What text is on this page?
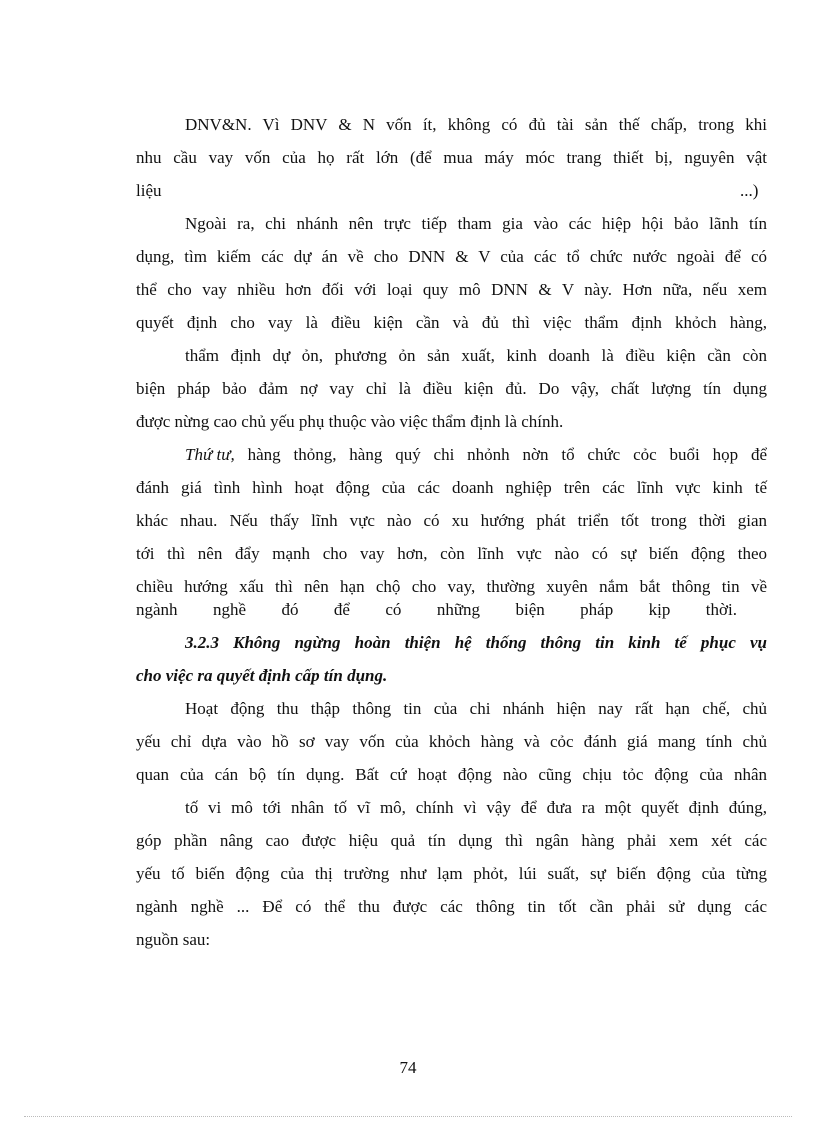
DNV&N. Vì DNV & N vốn ít, không có đủ tài sản thế chấp, trong khi
nhu cầu vay vốn của họ rất lớn (để mua máy móc trang thiết bị, nguyên vật
liệu	...)
Ngoài ra, chi nhánh nên trực tiếp tham gia vào các hiệp hội bảo lãnh tín
dụng, tìm kiếm các dự án về cho DNN & V của các tổ chức nước ngoài để có
thể cho vay nhiều hơn đối với loại quy mô DNN & V này. Hơn nữa, nếu xem
quyết định cho vay là điều kiện cần và đủ thì việc thẩm định khỏch hàng,
thẩm định dự ỏn, phương ỏn sản xuất, kinh doanh là điều kiện cần còn
biện pháp bảo đảm nợ vay chỉ là điều kiện đủ. Do vậy, chất lượng tín dụng
được nừng cao chủ yếu phụ thuộc vào việc thẩm định là chính.
Thứ tư, hàng thỏng, hàng quý chi nhỏnh nờn tổ chức cỏc buổi họp để
đánh giá tình hình hoạt động của các doanh nghiệp trên các lĩnh vực kinh tế
khác nhau. Nếu thấy lĩnh vực nào có xu hướng phát triển tốt trong thời gian
tới thì nên đẩy mạnh cho vay hơn, còn lĩnh vực nào có sự biến động theo
chiều hướng xấu thì nên hạn chộ cho vay, thường xuyên nắm bắt thông tin về
ngành nghề đó để có những biện pháp kịp thời.
3.2.3 Không ngừng hoàn thiện hệ thống thông tin kinh tế phục vụ
cho việc ra quyết định cấp tín dụng.
Hoạt động thu thập thông tin của chi nhánh hiện nay rất hạn chế, chủ
yếu chỉ dựa vào hồ sơ vay vốn của khỏch hàng và cỏc đánh giá mang tính chủ
quan của cán bộ tín dụng. Bất cứ hoạt động nào cũng chịu tỏc động của nhân
tố vi mô tới nhân tố vĩ mô, chính vì vậy để đưa ra một quyết định đúng,
góp phần nâng cao được hiệu quả tín dụng thì ngân hàng phải xem xét các
yếu tố biến động của thị trường như lạm phỏt, lúi suất, sự biến động của từng
ngành nghề ... Để có thể thu được các thông tin tốt cần phải sử dụng các
nguồn sau:
74
